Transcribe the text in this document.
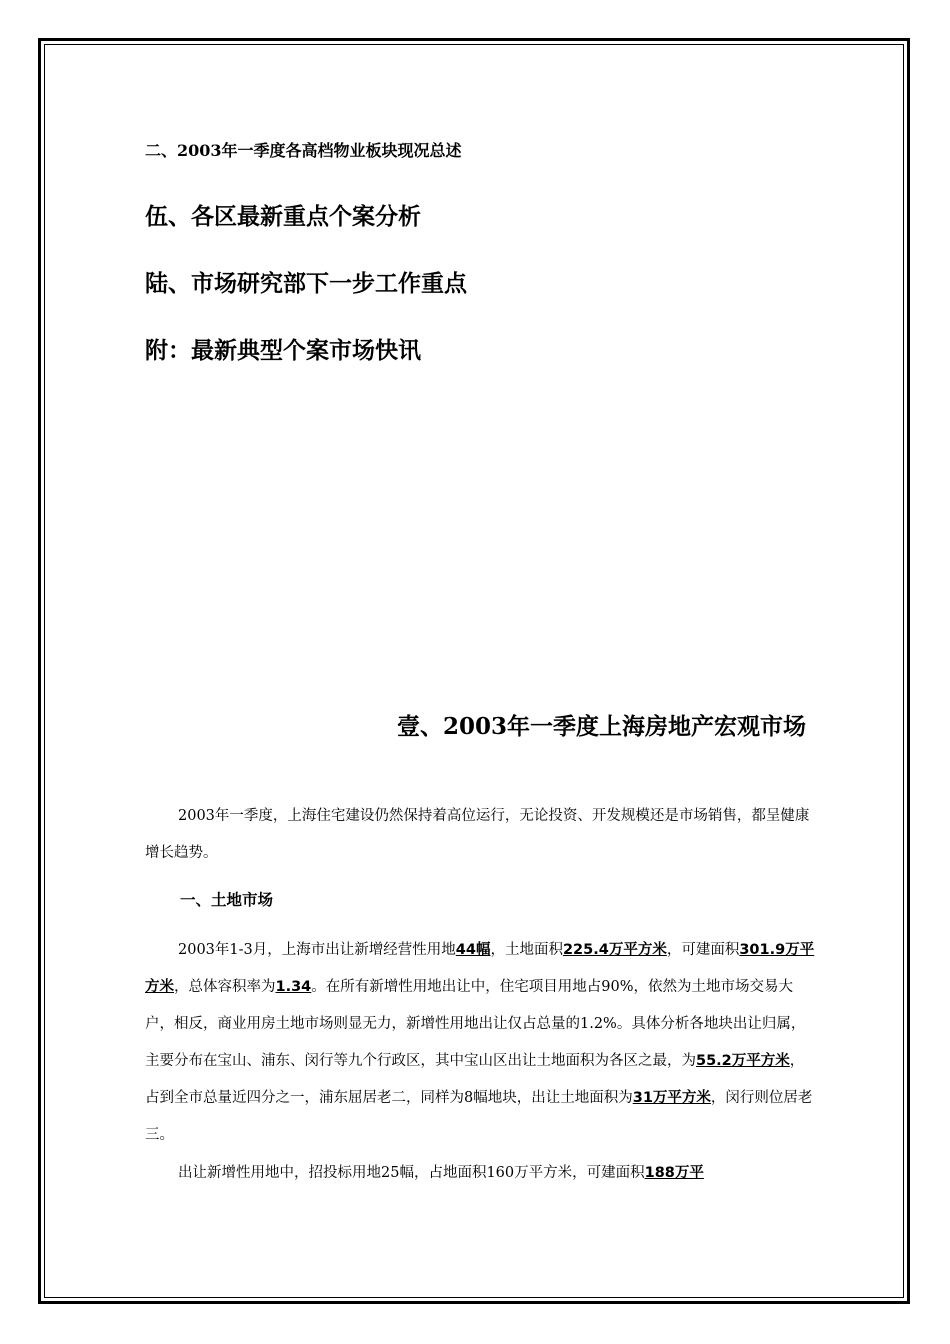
二、2003年一季度各高档物业板块现况总述
伍、各区最新重点个案分析
陆、市场研究部下一步工作重点
附：最新典型个案市场快讯
壹、2003年一季度上海房地产宏观市场
2003年一季度，上海住宅建设仍然保持着高位运行，无论投资、开发规模还是市场销售，都呈健康增长趋势。
一、土地市场
2003年1-3月，上海市出让新增经营性用地44幅，土地面积225.4万平方米，可建面积301.9万平方米，总体容积率为1.34。在所有新增性用地出让中，住宅项目用地占90%，依然为土地市场交易大户，相反，商业用房土地市场则显无力，新增性用地出让仅占总量的1.2%。具体分析各地块出让归属，主要分布在宝山、浦东、闵行等九个行政区，其中宝山区出让土地面积为各区之最，为55.2万平方米，占到全市总量近四分之一，浦东屈居老二，同样为8幅地块，出让土地面积为31万平方米，闵行则位居老三。
出让新增性用地中，招投标用地25幅，占地面积160万平方米，可建面积188万平
